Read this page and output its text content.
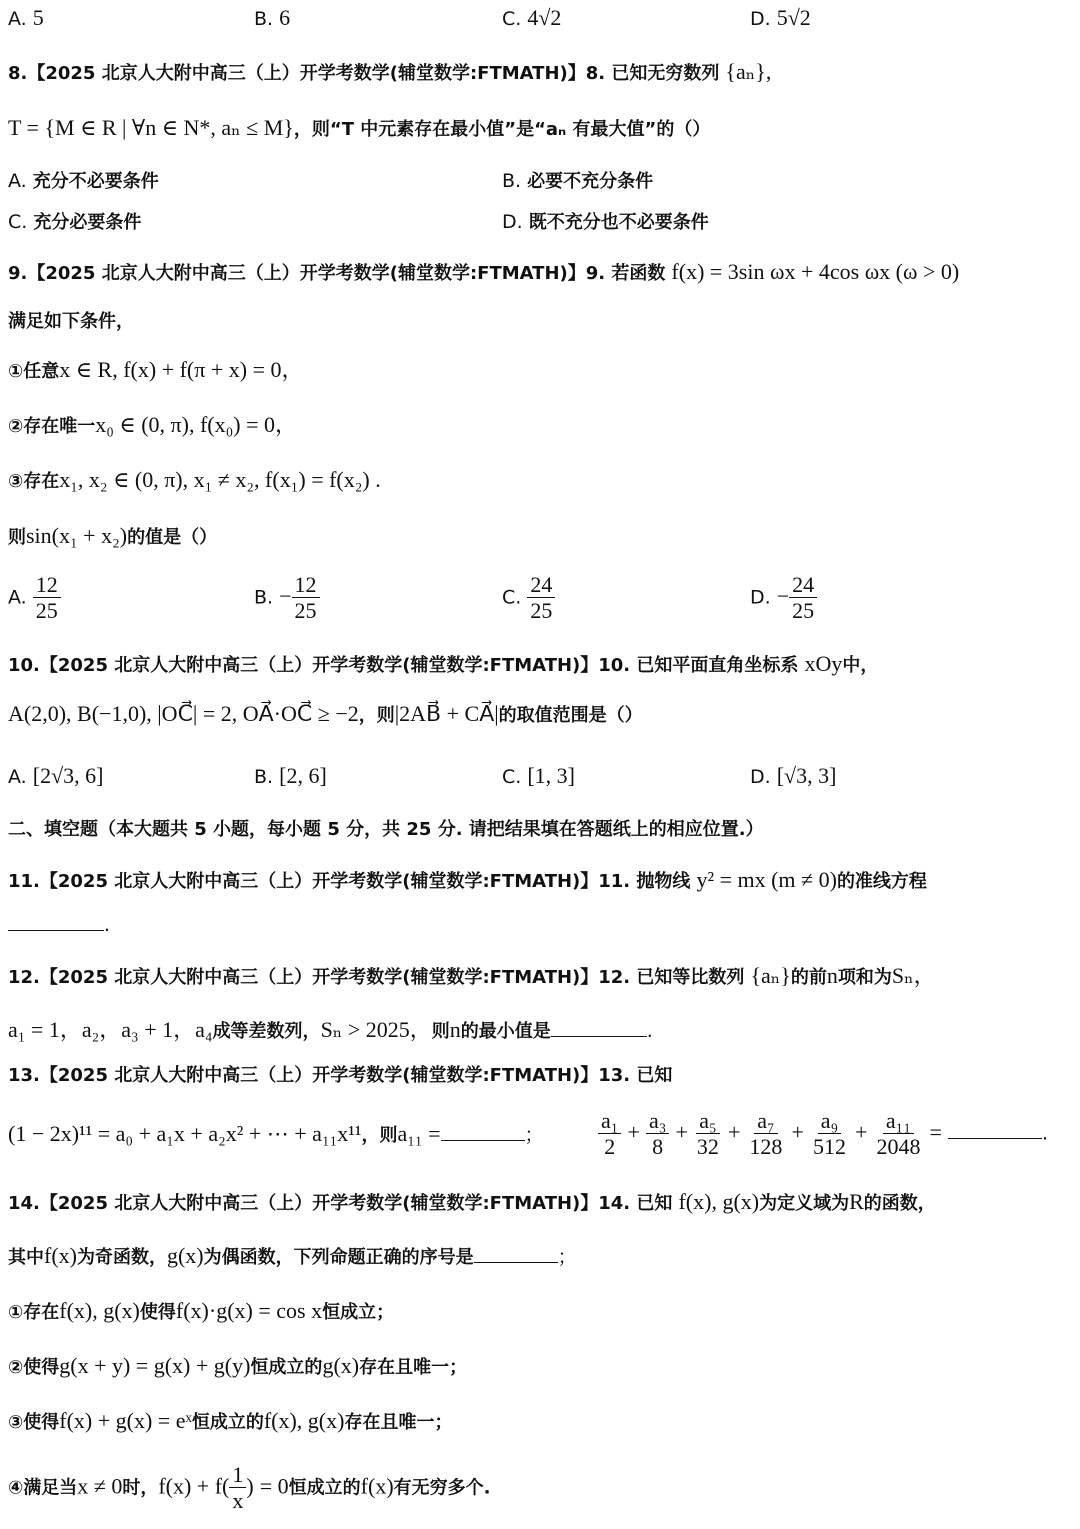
A. 5	B. 6	C. 4√2	D. 5√2
8.【2025 北京人大附中高三（上）开学考数学(辅堂数学:FTMATH)】8. 已知无穷数列 {aₙ},
T = {M ∈ R | ∀n ∈ N*, aₙ ≤ M}，则“T 中元素存在最小值”是“aₙ 有最大值”的（）
A. 充分不必要条件	B. 必要不充分条件
C. 充分必要条件	D. 既不充分也不必要条件
9.【2025 北京人大附中高三（上）开学考数学(辅堂数学:FTMATH)】9. 若函数 f(x) = 3sin ωx + 4cos ωx (ω > 0)
满足如下条件，
①任意x ∈ R, f(x) + f(π + x) = 0，
②存在唯一x₀ ∈ (0, π), f(x₀) = 0，
③存在x₁, x₂ ∈ (0, π), x₁ ≠ x₂, f(x₁) = f(x₂) .
则sin(x₁ + x₂)的值是（）
A. $\frac{12}{25}$	B. − $\frac{12}{25}$	C. $\frac{24}{25}$	D. − $\frac{24}{25}$
10.【2025 北京人大附中高三（上）开学考数学(辅堂数学:FTMATH)】10. 已知平面直角坐标系 xOy中，
A(2,0), B(−1,0), |OC⃗| = 2, OA⃗·OC⃗ ≥ −2，则|2AB⃗ + CA⃗|的取值范围是（）
A. [2√3, 6]	B. [2, 6]	C. [1, 3]	D. [√3, 3]
二、填空题（本大题共 5 小题，每小题 5 分，共 25 分. 请把结果填在答题纸上的相应位置.）
11.【2025 北京人大附中高三（上）开学考数学(辅堂数学:FTMATH)】11. 抛物线 y² = mx (m ≠ 0)的准线方程
.
12.【2025 北京人大附中高三（上）开学考数学(辅堂数学:FTMATH)】12. 已知等比数列 {aₙ}的前n项和为Sₙ，
a₁ = 1，a₂，a₃ + 1，a₄成等差数列，Sₙ > 2025，则n的最小值是	.
13.【2025 北京人大附中高三（上）开学考数学(辅堂数学:FTMATH)】13. 已知
(1 − 2x)¹¹ = a₀ + a₁x + a₂x² + ⋯ + a₁₁x¹¹，则a₁₁ =	； $\frac{\text{a₁}}{2} + \frac{\text{a₃}}{8} + \frac{\text{a₅}}{32} + \frac{\text{a₇}}{128} + \frac{\text{a₉}}{512} + \frac{\text{a₁₁}}{2048}$ =	.
14.【2025 北京人大附中高三（上）开学考数学(辅堂数学:FTMATH)】14. 已知 f(x), g(x)为定义域为R的函数，
其中f(x)为奇函数，g(x)为偶函数，下列命题正确的序号是	；
①存在f(x), g(x)使得f(x)·g(x) = cos x恒成立；
②使得g(x + y) = g(x) + g(y)恒成立的g(x)存在且唯一；
③使得f(x) + g(x) = eˣ恒成立的f(x), g(x)存在且唯一；
④满足当x ≠ 0时，$f(x) + f( \frac{1}{x}$ ) = 0恒成立的f(x)有无穷多个.
